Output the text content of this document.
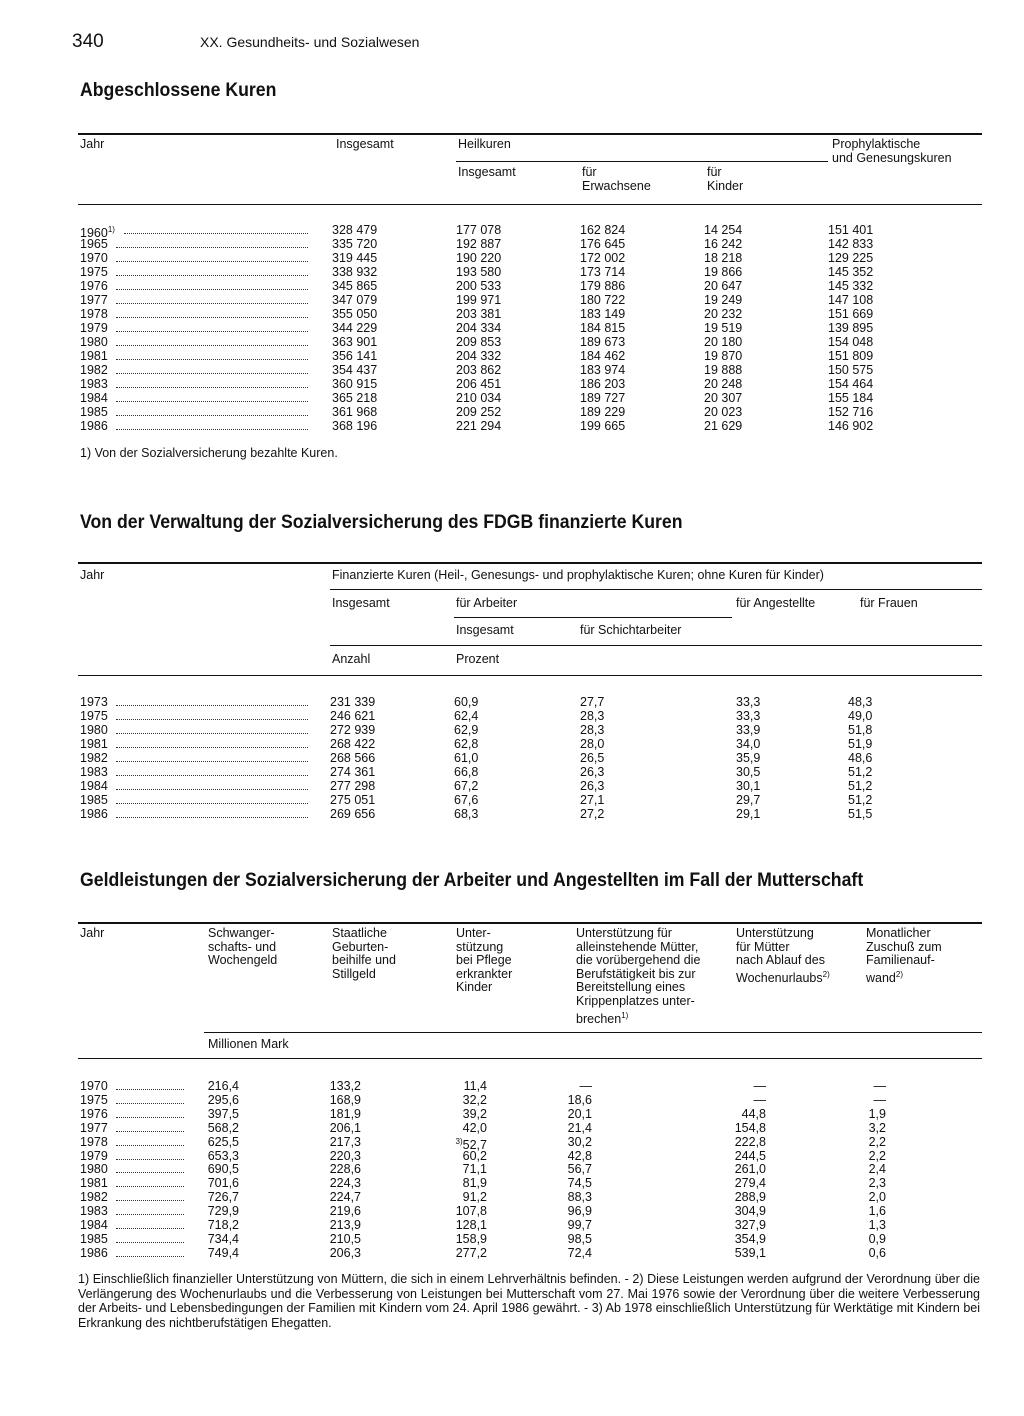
340	XX. Gesundheits- und Sozialwesen
Abgeschlossene Kuren
Jahr	Insgesamt	Heilkuren	Prophylaktische
und Genesungskuren
Insgesamt	für
Erwachsene
für
Kinder
1960$^{1)}$	328 479	177 078	162 824	14 254	151 401
1965	335 720	192 887	176 645	16 242	142 833
1970	319 445	190 220	172 002	18 218	129 225
1975	338 932	193 580	173 714	19 866	145 352
1976	345 865	200 533	179 886	20 647	145 332
1977	347 079	199 971	180 722	19 249	147 108
1978	355 050	203 381	183 149	20 232	151 669
1979	344 229	204 334	184 815	19 519	139 895
1980	363 901	209 853	189 673	20 180	154 048
1981	356 141	204 332	184 462	19 870	151 809
1982	354 437	203 862	183 974	19 888	150 575
1983	360 915	206 451	186 203	20 248	154 464
1984	365 218	210 034	189 727	20 307	155 184
1985	361 968	209 252	189 229	20 023	152 716
1986	368 196	221 294	199 665	21 629	146 902
1) Von der Sozialversicherung bezahlte Kuren.
Von der Verwaltung der Sozialversicherung des FDGB finanzierte Kuren
Jahr	Finanzierte Kuren (Heil-, Genesungs- und prophylaktische Kuren; ohne Kuren für Kinder)
Insgesamt	für Arbeiter	für Angestellte	für Frauen
Insgesamt	für Schichtarbeiter
Anzahl	Prozent
1973	231 339	60,9	27,7	33,3	48,3
1975	246 621	62,4	28,3	33,3	49,0
1980	272 939	62,9	28,3	33,9	51,8
1981	268 422	62,8	28,0	34,0	51,9
1982	268 566	61,0	26,5	35,9	48,6
1983	274 361	66,8	26,3	30,5	51,2
1984	277 298	67,2	26,3	30,1	51,2
1985	275 051	67,6	27,1	29,7	51,2
1986	269 656	68,3	27,2	29,1	51,5
Geldleistungen der Sozialversicherung der Arbeiter und Angestellten im Fall der Mutterschaft
Jahr	Schwanger-
schafts- und
Wochengeld
Staatliche
Geburten-
beihilfe und
Stillgeld
Unter-
stützung
bei Pflege
erkrankter
Kinder
Unterstützung für
alleinstehende Mütter,
die vorübergehend die
Berufstätigkeit bis zur
Bereitstellung eines
Krippenplatzes unter-
brechen$^{1)}$
Unterstützung
für Mütter
nach Ablauf des
Wochenurlaubs$^{2)}$
Monatlicher
Zuschuß zum
Familienauf-
wand$^{2)}$
Millionen Mark
1970	216,4	133,2	11,4	—	—	—
1975	295,6	168,9	32,2	18,6	—	—
1976	397,5	181,9	39,2	20,1	44,8	1,9
1977	568,2	206,1	42,0	21,4	154,8	3,2
1978	625,5	217,3	$^{3)}$52,7	30,2	222,8	2,2
1979	653,3	220,3	60,2	42,8	244,5	2,2
1980	690,5	228,6	71,1	56,7	261,0	2,4
1981	701,6	224,3	81,9	74,5	279,4	2,3
1982	726,7	224,7	91,2	88,3	288,9	2,0
1983	729,9	219,6	107,8	96,9	304,9	1,6
1984	718,2	213,9	128,1	99,7	327,9	1,3
1985	734,4	210,5	158,9	98,5	354,9	0,9
1986	749,4	206,3	277,2	72,4	539,1	0,6
1) Einschließlich finanzieller Unterstützung von Müttern, die sich in einem Lehrverhältnis befinden. - 2) Diese Leistungen werden aufgrund der Verordnung über die Verlängerung des Wochenurlaubs und die Verbesserung von Leistungen bei Mutterschaft vom 27. Mai 1976 sowie der Verordnung über die weitere Verbesserung der Arbeits- und Lebensbedingungen der Familien mit Kindern vom 24. April 1986 gewährt. - 3) Ab 1978 einschließlich Unterstützung für Werktätige mit Kindern bei Erkrankung des nichtberufstätigen Ehegatten.
